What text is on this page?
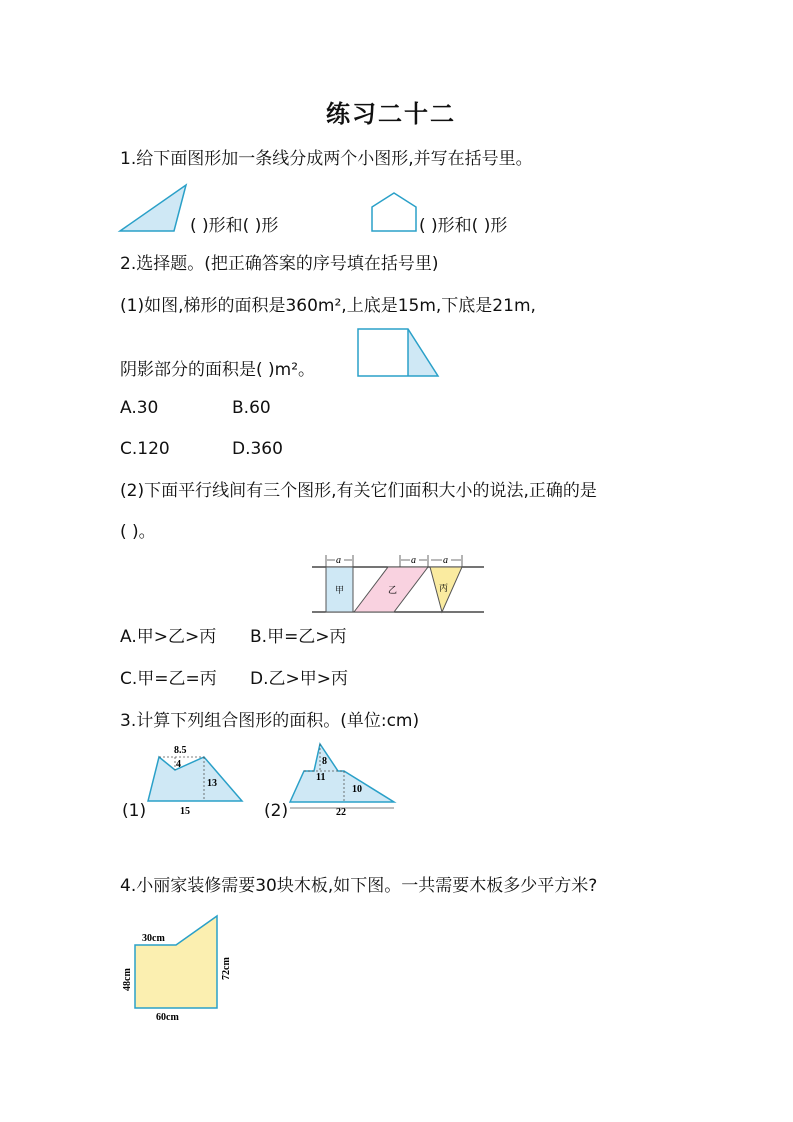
练习二十二
1.给下面图形加一条线分成两个小图形,并写在括号里。
( )形和( )形	( )形和( )形
2.选择题。(把正确答案的序号填在括号里)
(1)如图,梯形的面积是360m²,上底是15m,下底是21m,
阴影部分的面积是( )m²。
A.30	B.60
C.120	D.360
(2)下面平行线间有三个图形,有关它们面积大小的说法,正确的是
( )。
a	a	a
甲	乙	丙
A.甲>乙>丙 B.甲=乙>丙
C.甲=乙=丙 D.乙>甲>丙
3.计算下列组合图形的面积。(单位:cm)
(1)
8.5
4
13
15	(2)
8
11
10
22
4.小丽家装修需要30块木板,如下图。一共需要木板多少平方米?
30cm
60cm
48cm	72cm
